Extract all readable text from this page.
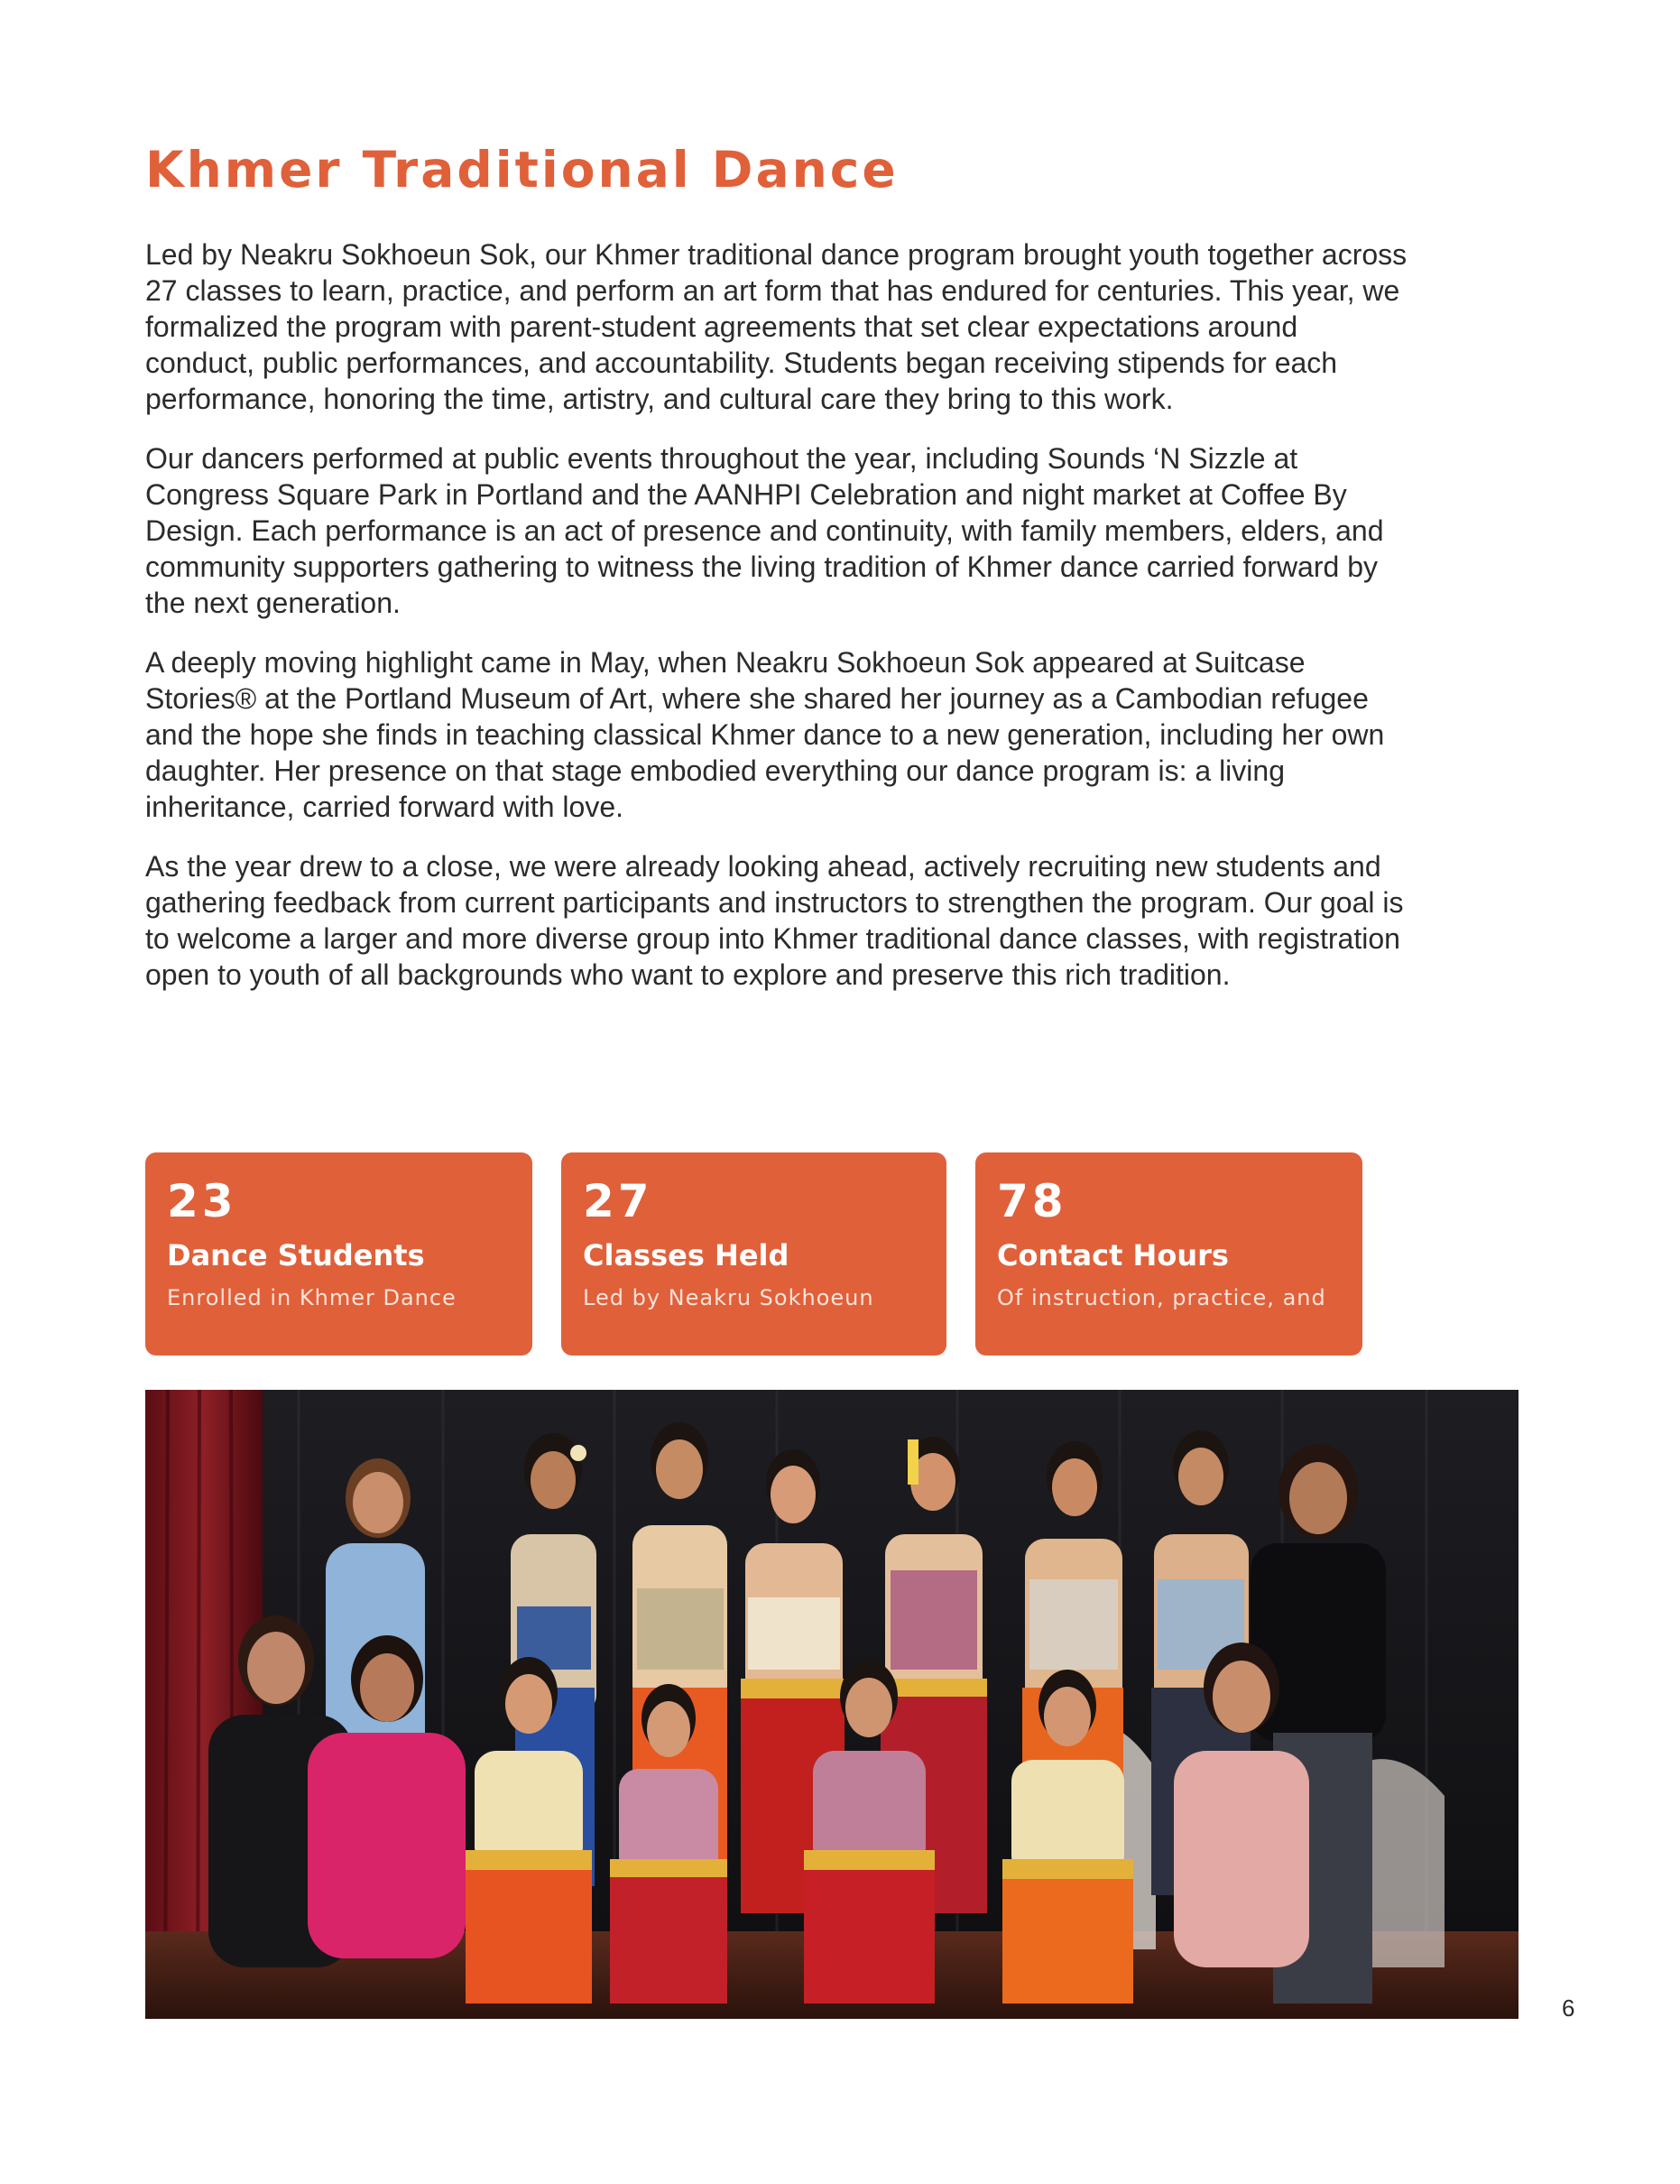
Khmer Traditional Dance

Led by Neakru Sokhoeun Sok, our Khmer traditional dance program brought youth together across 27 classes to learn, practice, and perform an art form that has endured for centuries. This year, we formalized the program with parent-student agreements that set clear expectations around conduct, public performances, and accountability. Students began receiving stipends for each performance, honoring the time, artistry, and cultural care they bring to this work.

Our dancers performed at public events throughout the year, including Sounds ‘N Sizzle at Congress Square Park in Portland and the AANHPI Celebration and night market at Coffee By Design. Each performance is an act of presence and continuity, with family members, elders, and community supporters gathering to witness the living tradition of Khmer dance carried forward by the next generation.

A deeply moving highlight came in May, when Neakru Sokhoeun Sok appeared at Suitcase Stories® at the Portland Museum of Art, where she shared her journey as a Cambodian refugee and the hope she finds in teaching classical Khmer dance to a new generation, including her own daughter. Her presence on that stage embodied everything our dance program is: a living inheritance, carried forward with love.

As the year drew to a close, we were already looking ahead, actively recruiting new students and gathering feedback from current participants and instructors to strengthen the program. Our goal is to welcome a larger and more diverse group into Khmer traditional dance classes, with registration open to youth of all backgrounds who want to explore and preserve this rich tradition.

23
Dance Students
Enrolled in Khmer Dance
27
Classes Held
Led by Neakru Sokhoeun
78
Contact Hours
Of instruction, practice, and
6
